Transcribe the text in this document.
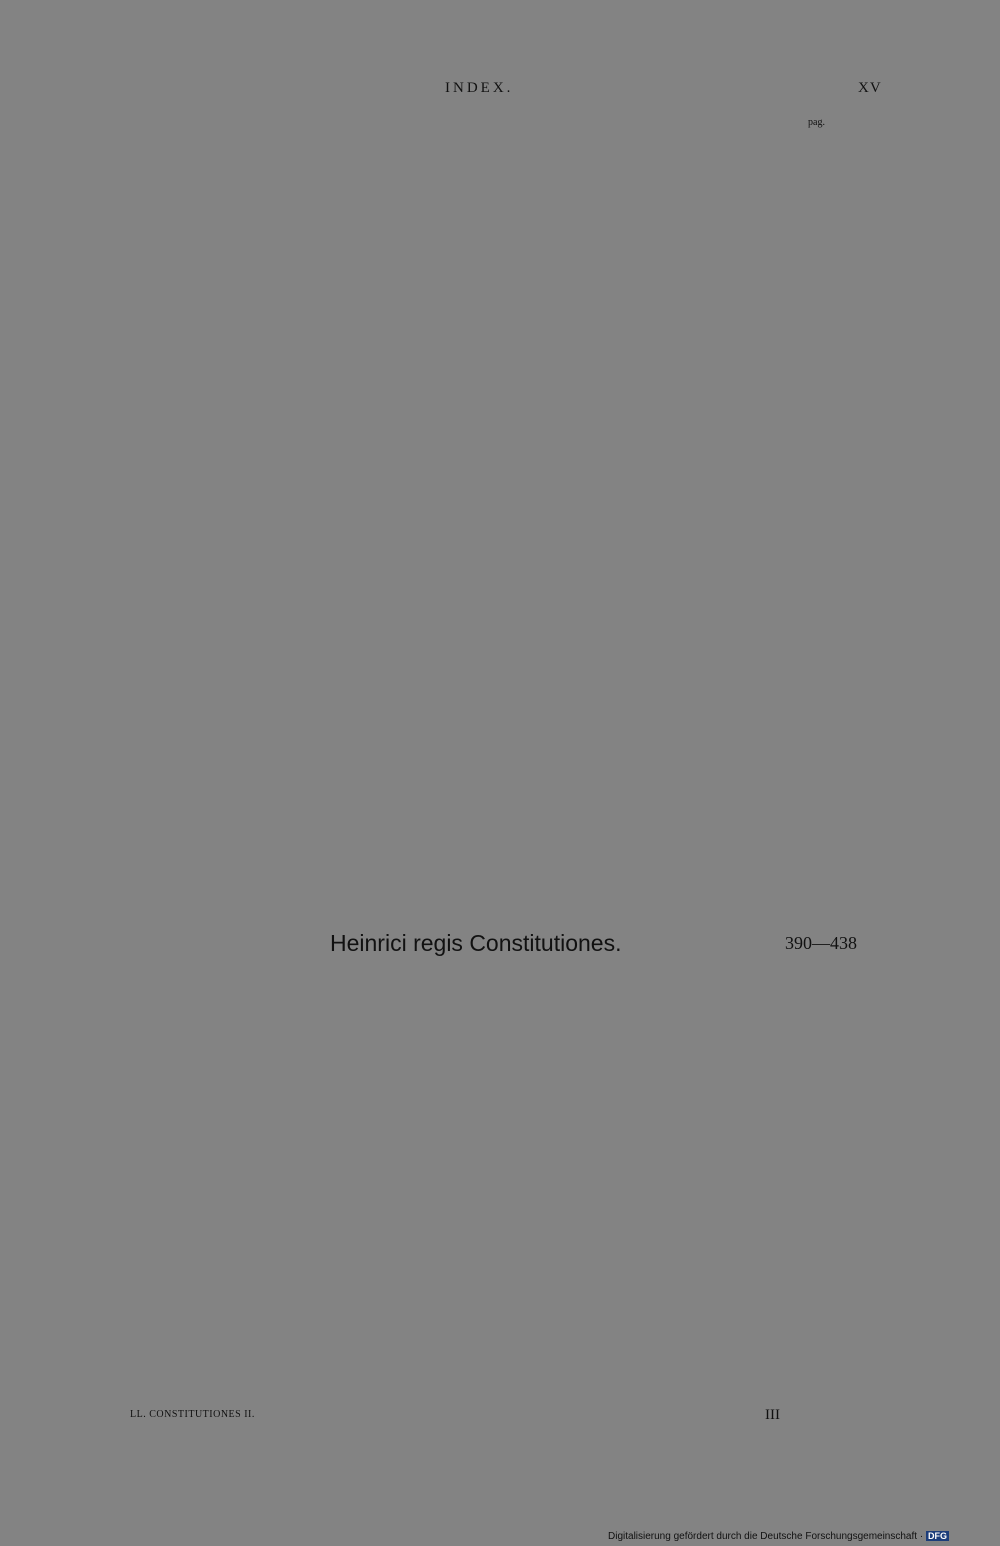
INDEX.	XV
pag.
Heinrici regis Constitutiones.	390—438
LL. CONSTITUTIONES II.	III
Digitalisierung gefördert durch die Deutsche Forschungsgemeinschaft · DFG
